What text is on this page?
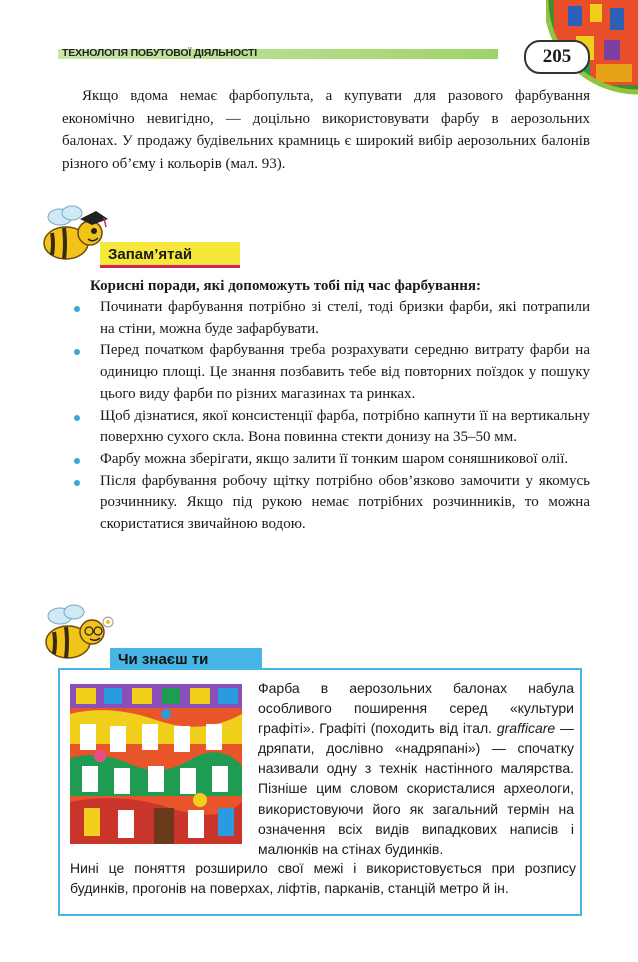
ТЕХНОЛОГІЯ ПОБУТОВОЇ ДІЯЛЬНОСТІ	205

Якщо вдома немає фарбопульта, а купувати для разового фарбування економічно невигідно, — доцільно використовувати фарбу в аерозольних балонах. У продажу будівельних крамниць є широкий вибір аерозольних балонів різного об’єму і кольорів (мал. 93).

Запам’ятай
Корисні поради, які допоможуть тобі під час фарбування:
Починати фарбування потрібно зі стелі, тоді бризки фарби, які потрапили на стіни, можна буде зафарбувати.
Перед початком фарбування треба розрахувати середню витрату фарби на одиницю площі. Це знання позбавить тебе від повторних поїздок у пошуку цього виду фарби по різних магазинах та ринках.
Щоб дізнатися, якої консистенції фарба, потрібно капнути її на вертикальну поверхню сухого скла. Вона повинна стекти донизу на 35–50 мм.
Фарбу можна зберігати, якщо залити її тонким шаром соняшникової олії.
Після фарбування робочу щітку потрібно обов’язково замочити у якомусь розчиннику. Якщо під рукою немає потрібних розчинників, то можна скористатися звичайною водою.
Чи знаєш ти
Фарба в аерозольних балонах набула особливого поширення серед «культури графіті». Графіті (походить від італ. grafficare — дряпати, дослівно «надряпані») — спочатку називали одну з технік настінного малярства. Пізніше цим словом скористалися археологи, використовуючи його як загальний термін на означення всіх видів випадкових написів і малюнків на стінах будинків.
Нині це поняття розширило свої межі і використовується при розпису будинків, прогонів на поверхах, ліфтів, парканів, станцій метро й ін.
